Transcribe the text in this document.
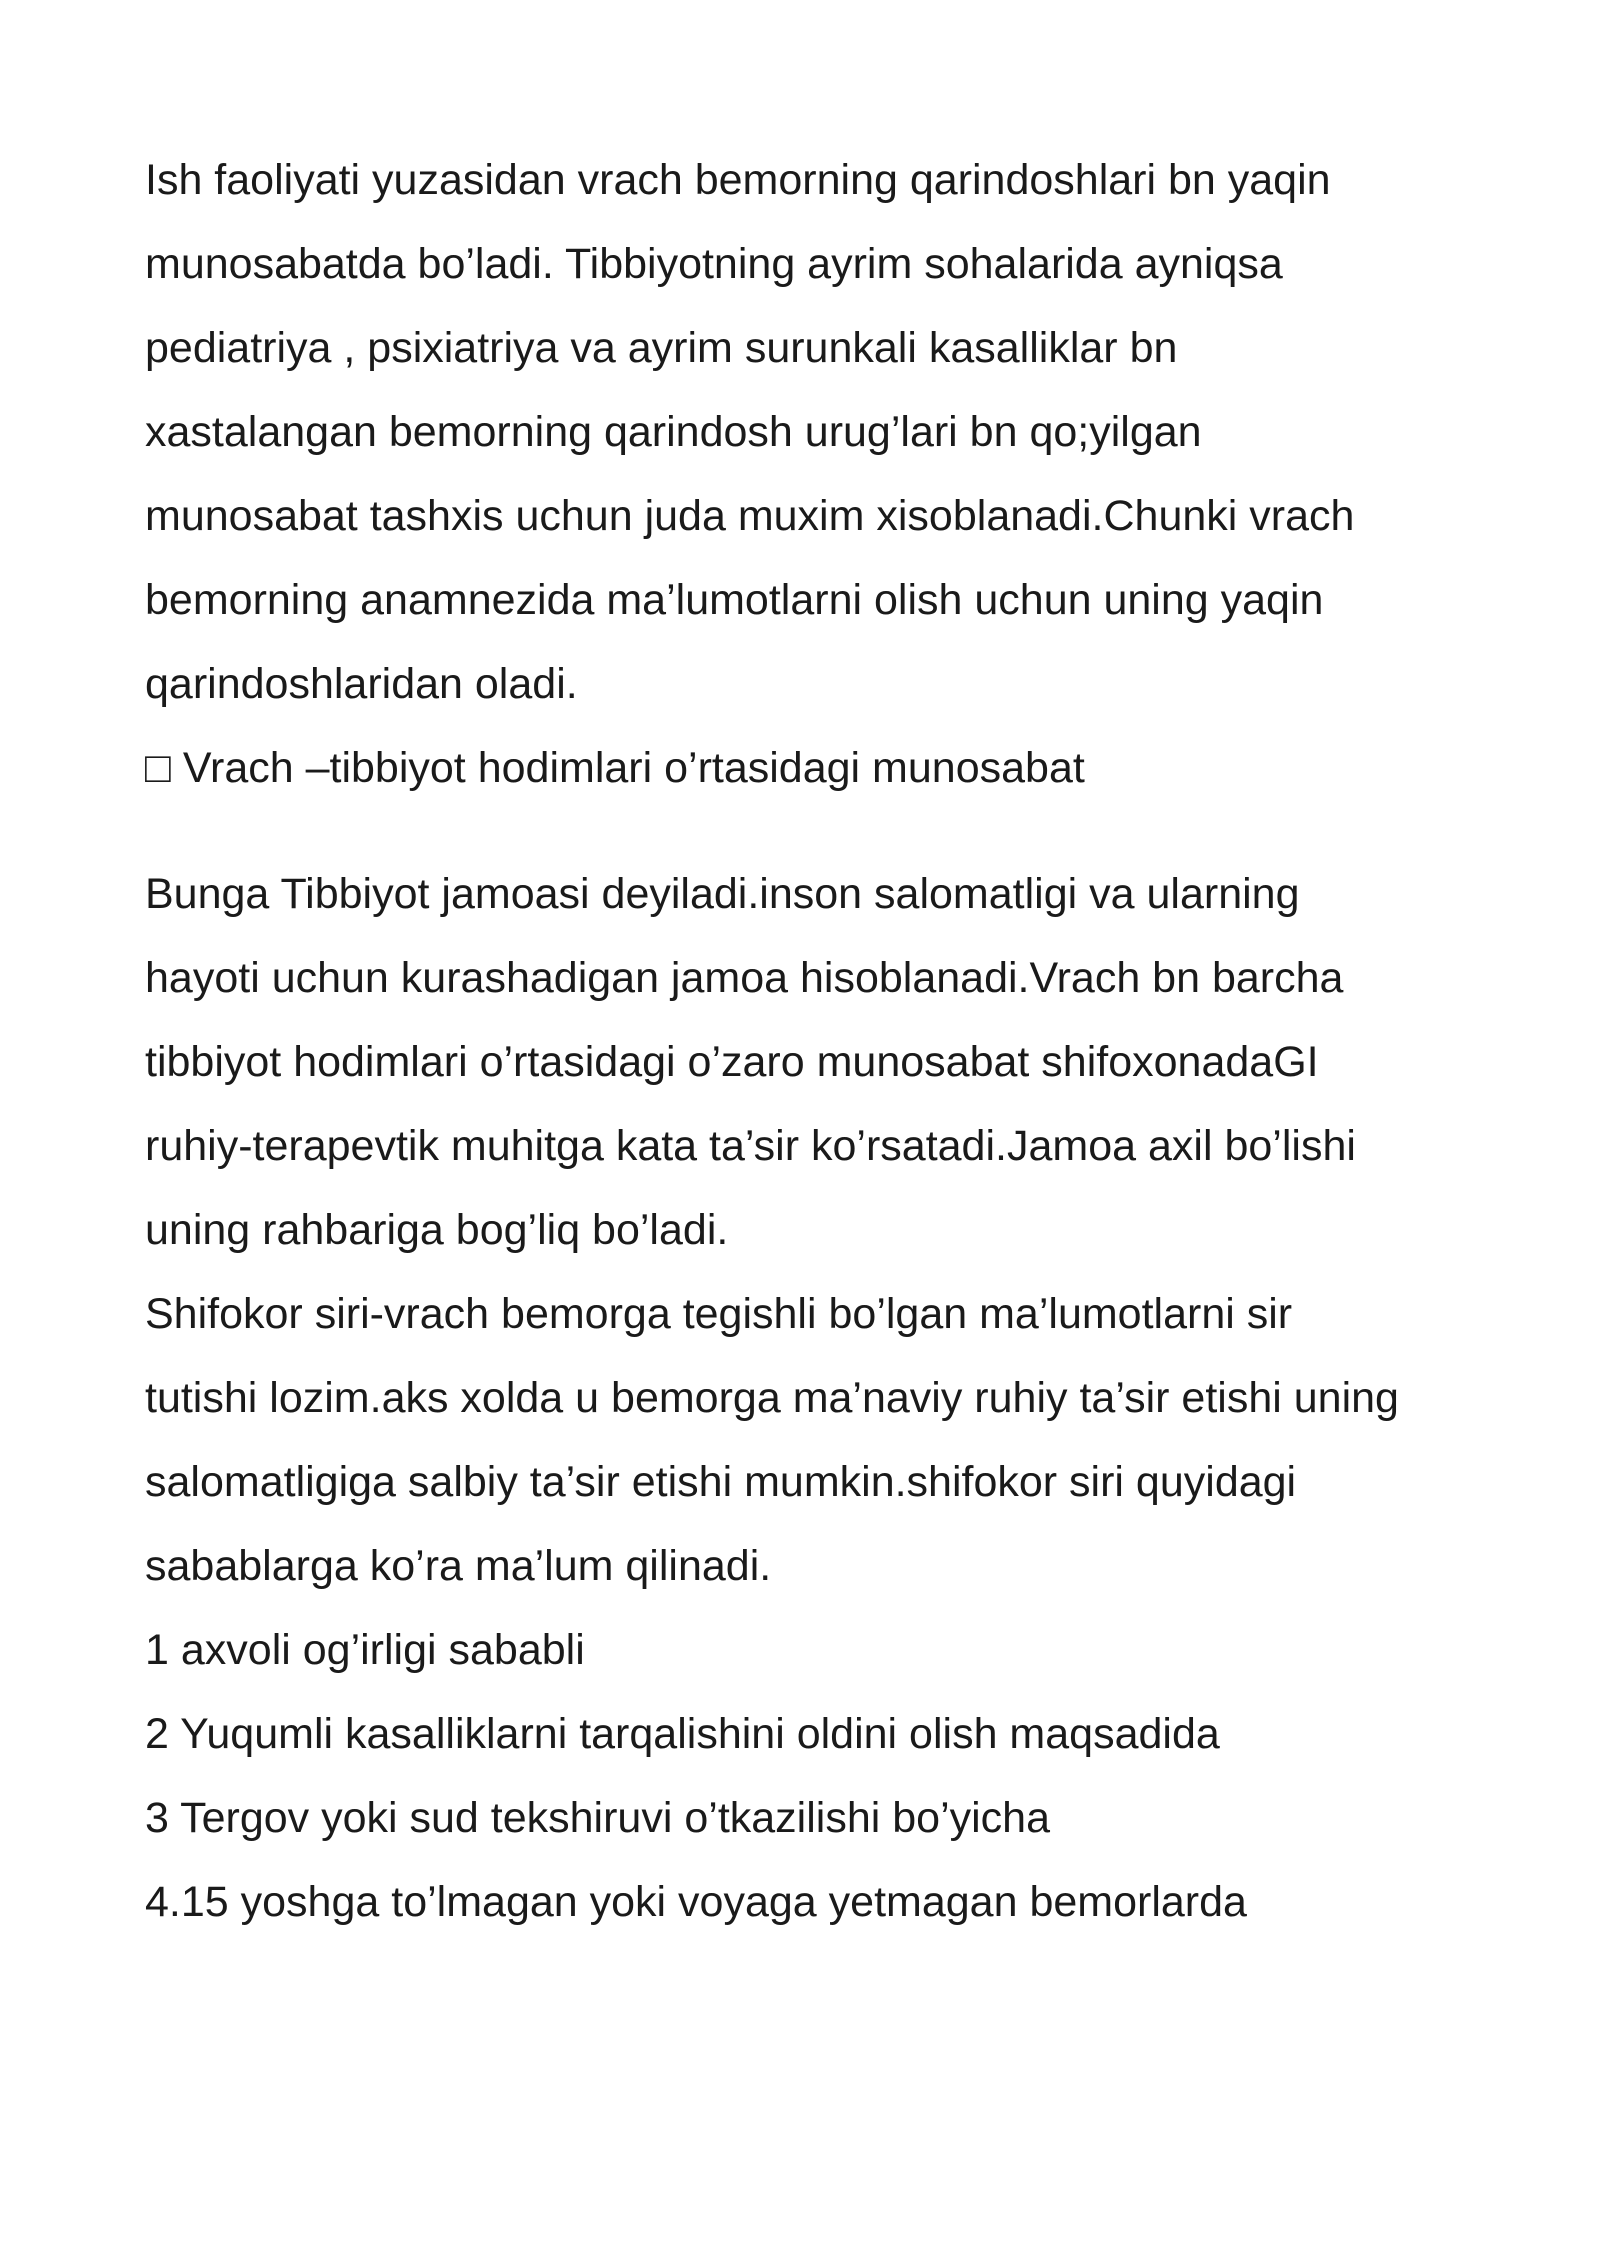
Ish faoliyati yuzasidan vrach bemorning qarindoshlari bn yaqin
munosabatda bo’ladi. Tibbiyotning ayrim sohalarida ayniqsa
pediatriya , psixiatriya va ayrim surunkali kasalliklar bn
xastalangan bemorning qarindosh urug’lari bn qo;yilgan
munosabat tashxis uchun juda muxim xisoblanadi.Chunki vrach
bemorning anamnezida ma’lumotlarni olish uchun uning yaqin
qarindoshlaridan oladi.
□ Vrach –tibbiyot hodimlari o’rtasidagi munosabat
Bunga Tibbiyot jamoasi deyiladi.inson salomatligi va ularning
hayoti uchun kurashadigan jamoa hisoblanadi.Vrach bn barcha
tibbiyot hodimlari o’rtasidagi o’zaro munosabat shifoxonadaGI
ruhiy-terapevtik muhitga kata ta’sir ko’rsatadi.Jamoa axil bo’lishi
uning rahbariga bog’liq bo’ladi.
Shifokor siri-vrach bemorga tegishli bo’lgan ma’lumotlarni sir
tutishi lozim.aks xolda u bemorga ma’naviy ruhiy ta’sir etishi uning
salomatligiga salbiy ta’sir etishi mumkin.shifokor siri quyidagi
sabablarga ko’ra ma’lum qilinadi.
1 axvoli og’irligi sababli
2 Yuqumli kasalliklarni tarqalishini oldini olish maqsadida
3 Tergov yoki sud tekshiruvi o’tkazilishi bo’yicha
4.15 yoshga to’lmagan yoki voyaga yetmagan bemorlarda
